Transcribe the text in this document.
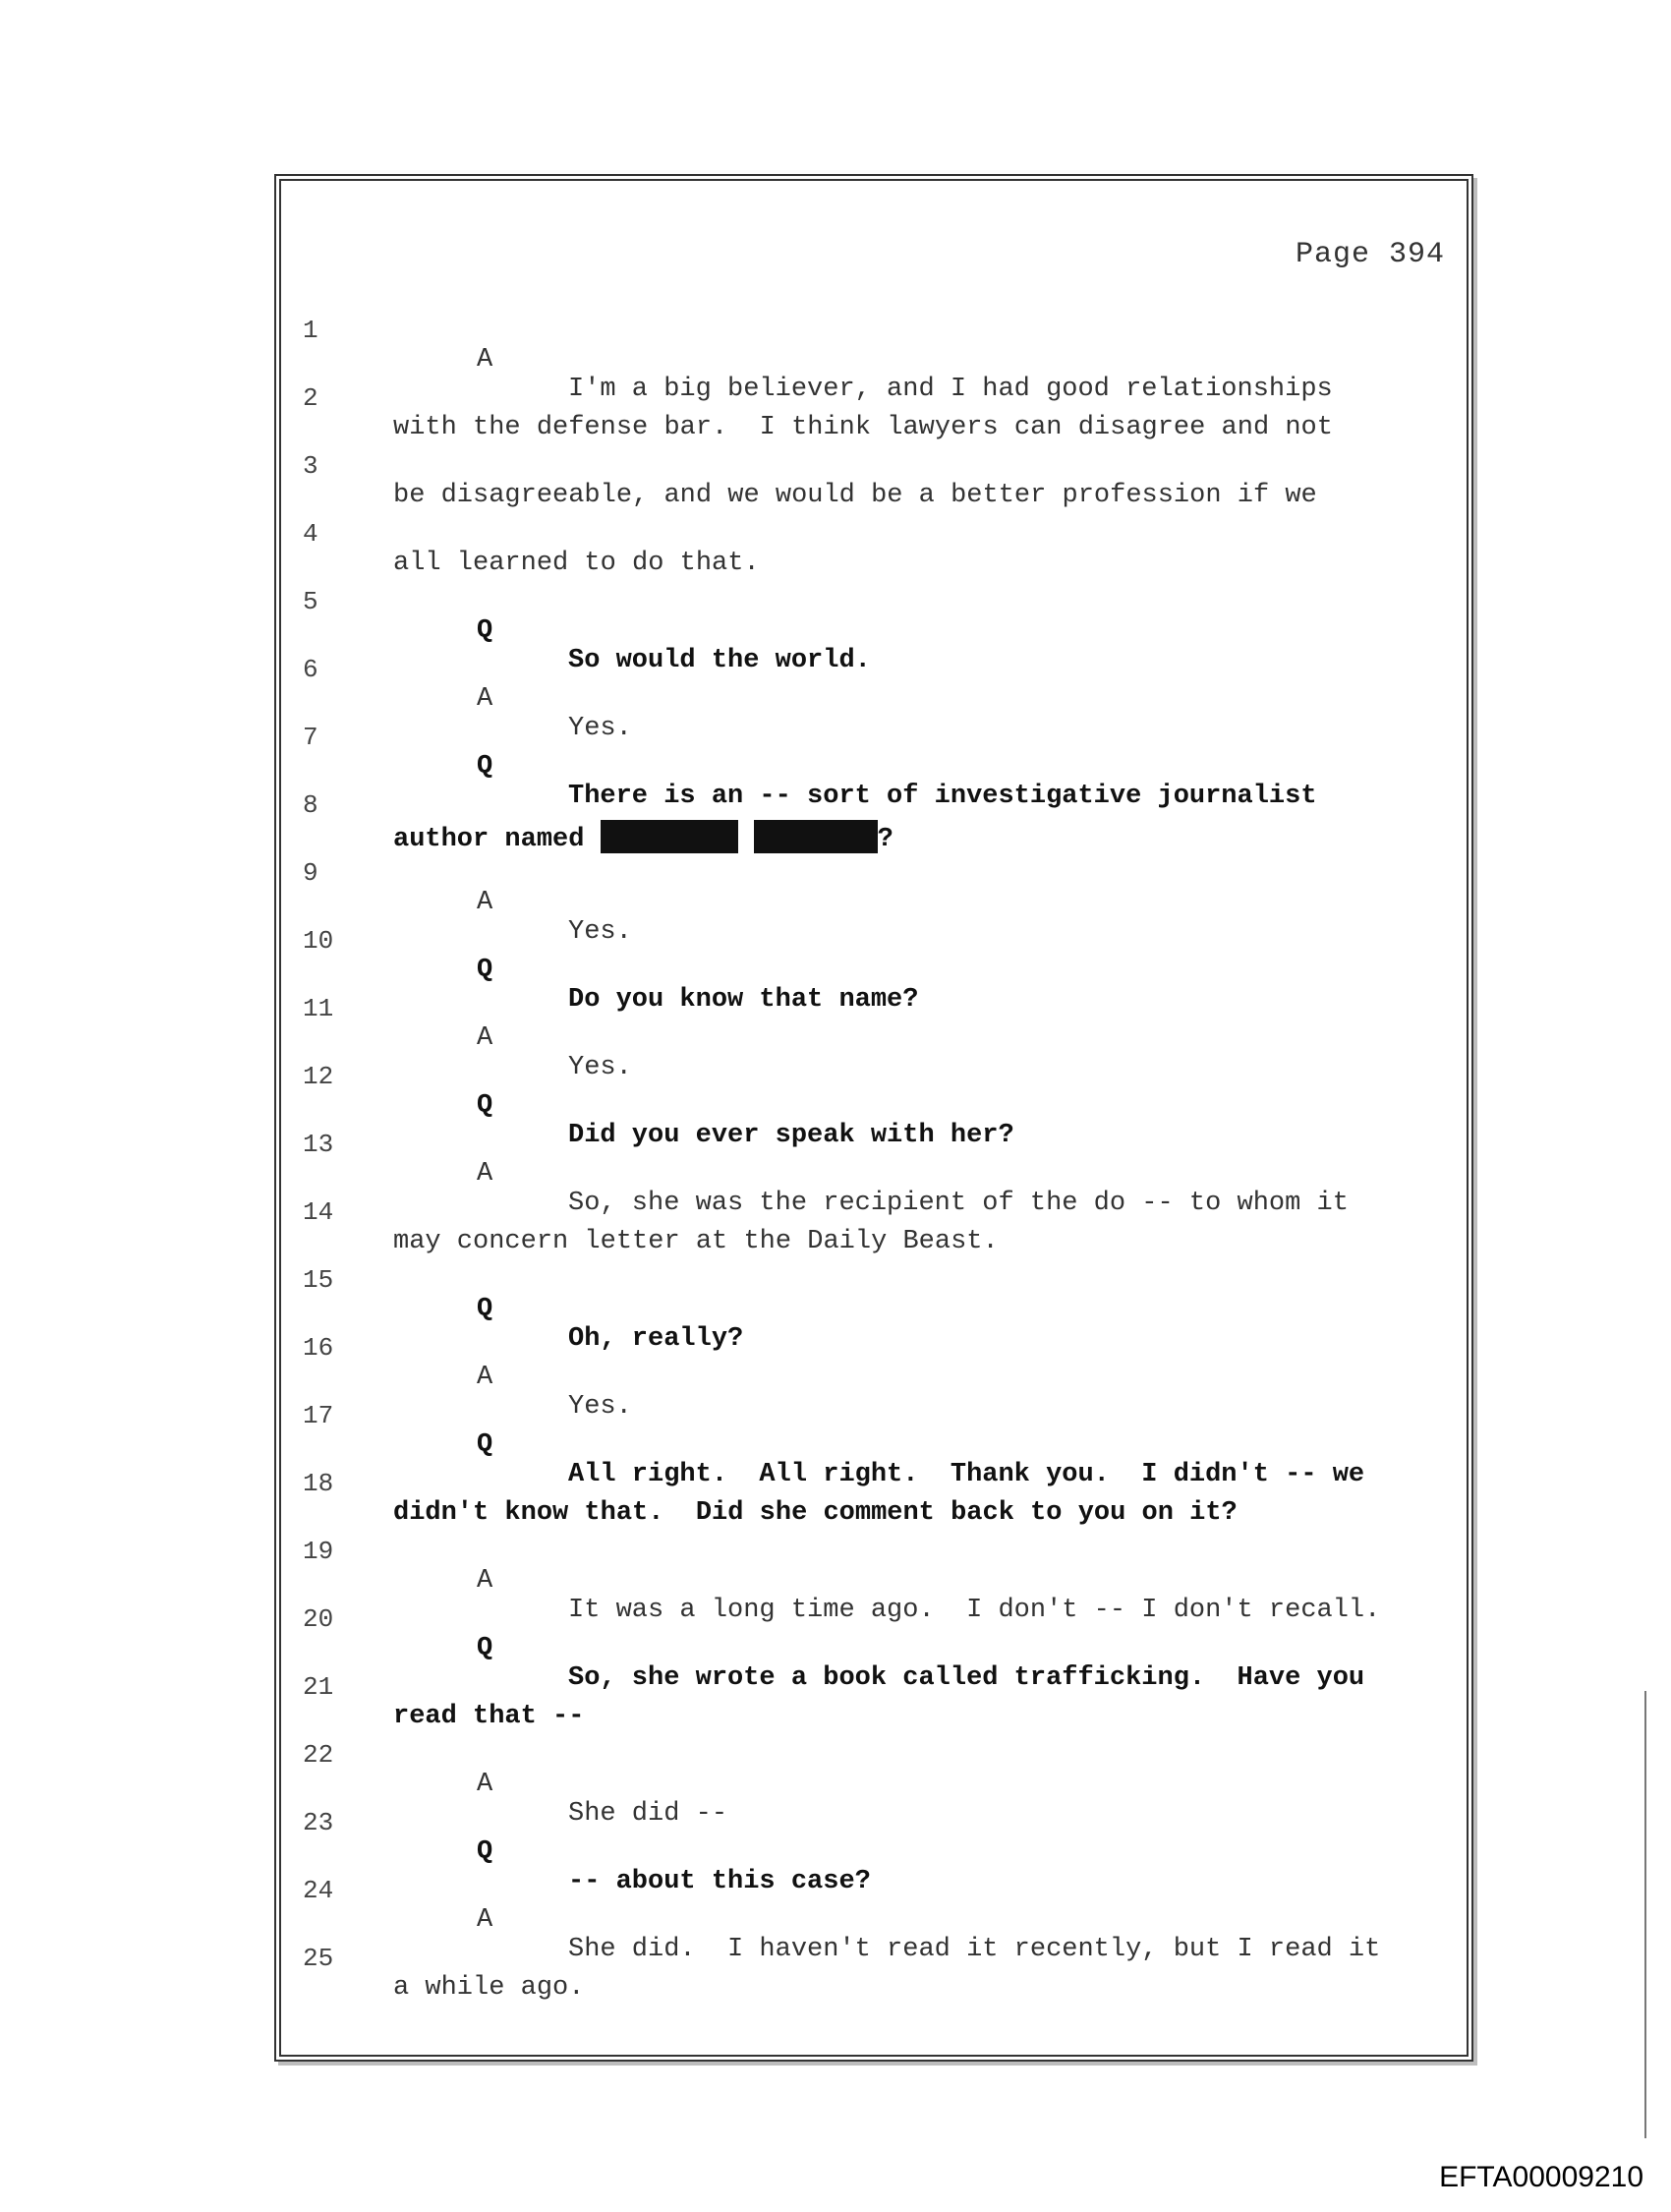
Page 394

1

A

I'm a big believer, and I had good relationships

2

with the defense bar.  I think lawyers can disagree and not

3

be disagreeable, and we would be a better profession if we

4

all learned to do that.

5

Q

So would the world.

6

A

Yes.

7

Q

There is an -- sort of investigative journalist

8

author named	?

9

A

Yes.

10

Q

Do you know that name?

11

A

Yes.

12

Q

Did you ever speak with her?

13

A

So, she was the recipient of the do -- to whom it

14

may concern letter at the Daily Beast.

15

Q

Oh, really?

16

A

Yes.

17

Q

All right.  All right.  Thank you.  I didn't -- we

18

didn't know that.  Did she comment back to you on it?

19

A

It was a long time ago.  I don't -- I don't recall.

20

Q

So, she wrote a book called trafficking.  Have you

21

read that --

22

A

She did --

23

Q

-- about this case?

24

A

She did.  I haven't read it recently, but I read it

25

a while ago.

EFTA00009210
